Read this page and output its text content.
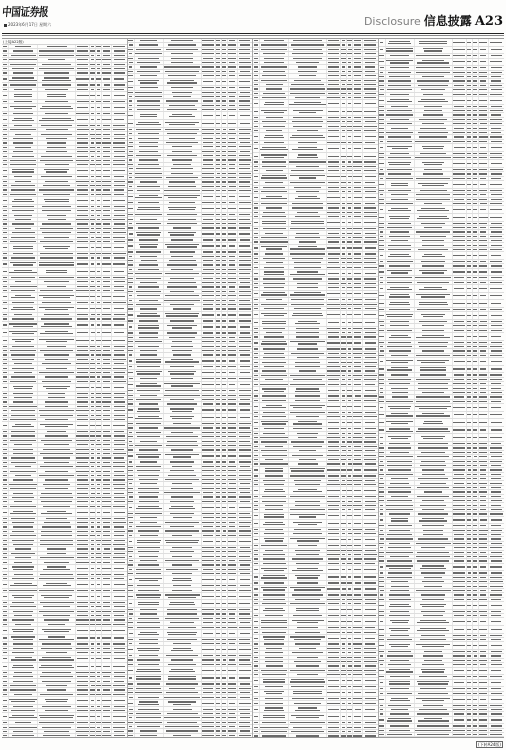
中国证券报
2023年6月17日 星期六	Disclosure 信息披露 A23
(上接A22版)
(下转A24版)
